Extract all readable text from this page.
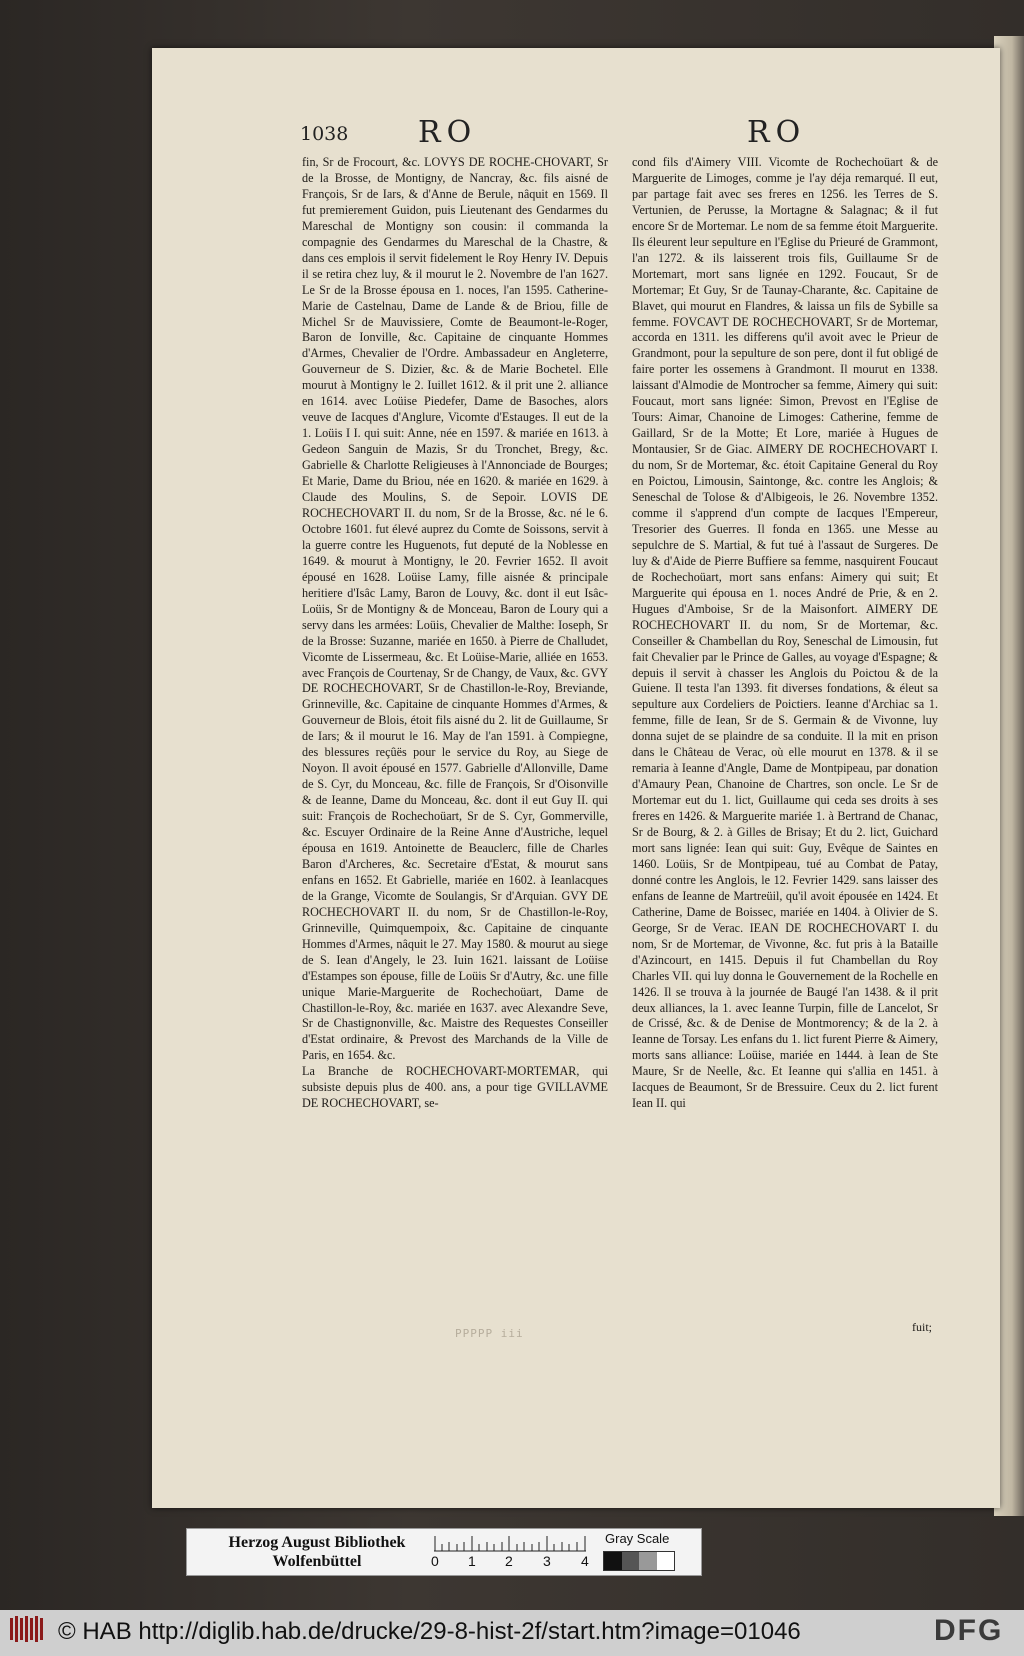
1038 RO	RO
fin, Sr de Frocourt, &c. LOVYS DE ROCHE-CHOVART, Sr de la Brosse, de Montigny, de Nancray, &c. fils aisné de François, Sr de Iars, & d'Anne de Berule, nâquit en 1569. Il fut premierement Guidon, puis Lieutenant des Gendarmes du Mareschal de Montigny son cousin: il commanda la compagnie des Gendarmes du Mareschal de la Chastre, & dans ces emplois il servit fidelement le Roy Henry IV. Depuis il se retira chez luy, & il mourut le 2. Novembre de l'an 1627. Le Sr de la Brosse épousa en 1. noces, l'an 1595. Catherine-Marie de Castelnau, Dame de Lande & de Briou, fille de Michel Sr de Mauvissiere, Comte de Beaumont-le-Roger, Baron de Ionville, &c. Capitaine de cinquante Hommes d'Armes, Chevalier de l'Ordre. Ambassadeur en Angleterre, Gouverneur de S. Dizier, &c. & de Marie Bochetel. Elle mourut à Montigny le 2. Iuillet 1612. & il prit une 2. alliance en 1614. avec Loüise Piedefer, Dame de Basoches, alors veuve de Iacques d'Anglure, Vicomte d'Estauges. Il eut de la 1. Loüis I I. qui suit: Anne, née en 1597. & mariée en 1613. à Gedeon Sanguin de Mazis, Sr du Tronchet, Bregy, &c. Gabrielle & Charlotte Religieuses à l'Annonciade de Bourges; Et Marie, Dame du Briou, née en 1620. & mariée en 1629. à Claude des Moulins, S. de Sepoir. LOVIS DE ROCHECHOVART II. du nom, Sr de la Brosse, &c. né le 6. Octobre 1601. fut élevé auprez du Comte de Soissons, servit à la guerre contre les Huguenots, fut deputé de la Noblesse en 1649. & mourut à Montigny, le 20. Fevrier 1652. Il avoit épousé en 1628. Loüise Lamy, fille aisnée & principale heritiere d'Isâc Lamy, Baron de Louvy, &c. dont il eut Isâc-Loüis, Sr de Montigny & de Monceau, Baron de Loury qui a servy dans les armées: Loüis, Chevalier de Malthe: Ioseph, Sr de la Brosse: Suzanne, mariée en 1650. à Pierre de Challudet, Vicomte de Lissermeau, &c. Et Loüise-Marie, alliée en 1653. avec François de Courtenay, Sr de Changy, de Vaux, &c. GVY DE ROCHECHOVART, Sr de Chastillon-le-Roy, Breviande, Grinneville, &c. Capitaine de cinquante Hommes d'Armes, & Gouverneur de Blois, étoit fils aisné du 2. lit de Guillaume, Sr de Iars; & il mourut le 16. May de l'an 1591. à Compiegne, des blessures reçûës pour le service du Roy, au Siege de Noyon. Il avoit épousé en 1577. Gabrielle d'Allonville, Dame de S. Cyr, du Monceau, &c. fille de François, Sr d'Oisonville & de Ieanne, Dame du Monceau, &c. dont il eut Guy II. qui suit: François de Rochechoüart, Sr de S. Cyr, Gommerville, &c. Escuyer Ordinaire de la Reine Anne d'Austriche, lequel épousa en 1619. Antoinette de Beauclerc, fille de Charles Baron d'Archeres, &c. Secretaire d'Estat, & mourut sans enfans en 1652. Et Gabrielle, mariée en 1602. à Ieanlacques de la Grange, Vicomte de Soulangis, Sr d'Arquian. GVY DE ROCHECHOVART II. du nom, Sr de Chastillon-le-Roy, Grinneville, Quimquempoix, &c. Capitaine de cinquante Hommes d'Armes, nâquit le 27. May 1580. & mourut au siege de S. Iean d'Angely, le 23. Iuin 1621. laissant de Loüise d'Estampes son épouse, fille de Loüis Sr d'Autry, &c. une fille unique Marie-Marguerite de Rochechoüart, Dame de Chastillon-le-Roy, &c. mariée en 1637. avec Alexandre Seve, Sr de Chastignonville, &c. Maistre des Requestes Conseiller d'Estat ordinaire, & Prevost des Marchands de la Ville de Paris, en 1654. &c.
La Branche de ROCHECHOVART-MORTEMAR, qui subsiste depuis plus de 400. ans, a pour tige GVILLAVME DE ROCHECHOVART, se-
cond fils d'Aimery VIII. Vicomte de Rochechoüart & de Marguerite de Limoges, comme je l'ay déja remarqué. Il eut, par partage fait avec ses freres en 1256. les Terres de S. Vertunien, de Perusse, la Mortagne & Salagnac; & il fut encore Sr de Mortemar. Le nom de sa femme étoit Marguerite. Ils éleurent leur sepulture en l'Eglise du Prieuré de Grammont, l'an 1272. & ils laisserent trois fils, Guillaume Sr de Mortemart, mort sans lignée en 1292. Foucaut, Sr de Mortemar; Et Guy, Sr de Taunay-Charante, &c. Capitaine de Blavet, qui mourut en Flandres, & laissa un fils de Sybille sa femme. FOVCAVT DE ROCHECHOVART, Sr de Mortemar, accorda en 1311. les differens qu'il avoit avec le Prieur de Grandmont, pour la sepulture de son pere, dont il fut obligé de faire porter les ossemens à Grandmont. Il mourut en 1338. laissant d'Almodie de Montrocher sa femme, Aimery qui suit: Foucaut, mort sans lignée: Simon, Prevost en l'Eglise de Tours: Aimar, Chanoine de Limoges: Catherine, femme de Gaillard, Sr de la Motte; Et Lore, mariée à Hugues de Montausier, Sr de Giac. AIMERY DE ROCHECHOVART I. du nom, Sr de Mortemar, &c. étoit Capitaine General du Roy en Poictou, Limousin, Saintonge, &c. contre les Anglois; & Seneschal de Tolose & d'Albigeois, le 26. Novembre 1352. comme il s'apprend d'un compte de Iacques l'Empereur, Tresorier des Guerres. Il fonda en 1365. une Messe au sepulchre de S. Martial, & fut tué à l'assaut de Surgeres. De luy & d'Aide de Pierre Buffiere sa femme, nasquirent Foucaut de Rochechoüart, mort sans enfans: Aimery qui suit; Et Marguerite qui épousa en 1. noces André de Prie, & en 2. Hugues d'Amboise, Sr de la Maisonfort. AIMERY DE ROCHECHOVART II. du nom, Sr de Mortemar, &c. Conseiller & Chambellan du Roy, Seneschal de Limousin, fut fait Chevalier par le Prince de Galles, au voyage d'Espagne; & depuis il servit à chasser les Anglois du Poictou & de la Guiene. Il testa l'an 1393. fit diverses fondations, & éleut sa sepulture aux Cordeliers de Poictiers. Ieanne d'Archiac sa 1. femme, fille de Iean, Sr de S. Germain & de Vivonne, luy donna sujet de se plaindre de sa conduite. Il la mit en prison dans le Château de Verac, où elle mourut en 1378. & il se remaria à Ieanne d'Angle, Dame de Montpipeau, par donation d'Amaury Pean, Chanoine de Chartres, son oncle. Le Sr de Mortemar eut du 1. lict, Guillaume qui ceda ses droits à ses freres en 1426. & Marguerite mariée 1. à Bertrand de Chanac, Sr de Bourg, & 2. à Gilles de Brisay; Et du 2. lict, Guichard mort sans lignée: Iean qui suit: Guy, Evêque de Saintes en 1460. Loüis, Sr de Montpipeau, tué au Combat de Patay, donné contre les Anglois, le 12. Fevrier 1429. sans laisser des enfans de Ieanne de Martreüil, qu'il avoit épousée en 1424. Et Catherine, Dame de Boissec, mariée en 1404. à Olivier de S. George, Sr de Verac. IEAN DE ROCHECHOVART I. du nom, Sr de Mortemar, de Vivonne, &c. fut pris à la Bataille d'Azincourt, en 1415. Depuis il fut Chambellan du Roy Charles VII. qui luy donna le Gouvernement de la Rochelle en 1426. Il se trouva à la journée de Baugé l'an 1438. & il prit deux alliances, la 1. avec Ieanne Turpin, fille de Lancelot, Sr de Crissé, &c. & de Denise de Montmorency; & de la 2. à Ieanne de Torsay. Les enfans du 1. lict furent Pierre & Aimery, morts sans alliance: Loüise, mariée en 1444. à Iean de Ste Maure, Sr de Neelle, &c. Et Ieanne qui s'allia en 1451. à Iacques de Beaumont, Sr de Bressuire. Ceux du 2. lict furent Iean II. qui
PPPPP iii	fuit;
Herzog August Bibliothek
Wolfenbüttel	0 1 2 3 4
Gray Scale
© HAB http://diglib.hab.de/drucke/29-8-hist-2f/start.htm?image=01046	DFG
